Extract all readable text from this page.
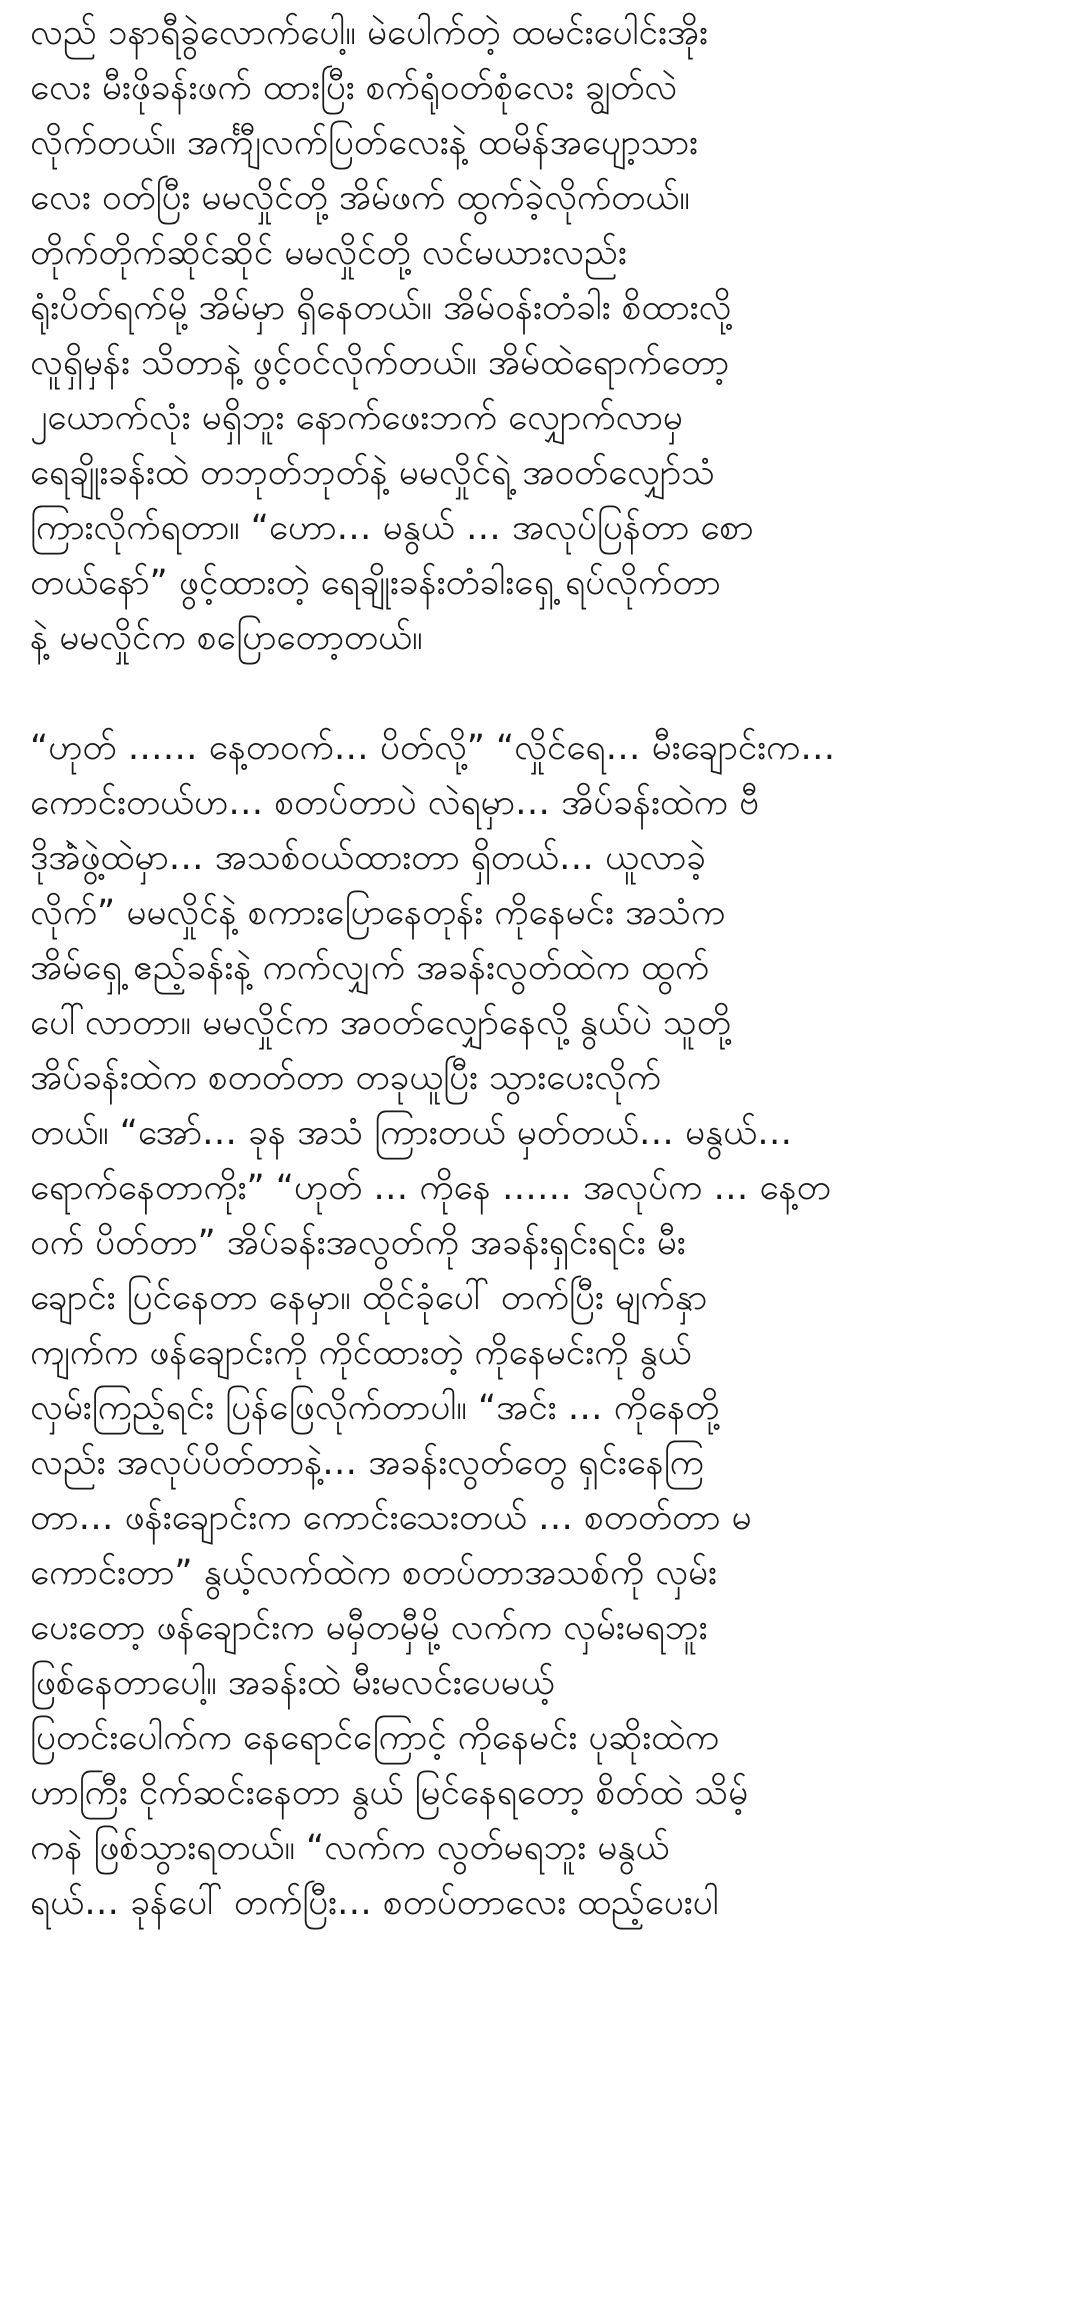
လည် ၁နာရီခွဲလောက်ပေါ့။ မဲပေါက်တဲ့ ထမင်းပေါင်းအိုး
လေး မီးဖိုခန်းဖက် ထားပြီး စက်ရုံဝတ်စုံလေး ချွတ်လဲ
လိုက်တယ်။ အင်္ကျီလက်ပြတ်လေးနဲ့ ထမိန်အပျော့သား
လေး ဝတ်ပြီး မမလှိုင်တို့ အိမ်ဖက် ထွက်ခဲ့လိုက်တယ်။
တိုက်တိုက်ဆိုင်ဆိုင် မမလှိုင်တို့ လင်မယားလည်း
ရုံးပိတ်ရက်မို့ အိမ်မှာ ရှိနေတယ်။ အိမ်ဝန်းတံခါး စိထားလို့
လူရှိမှန်း သိတာနဲ့ ဖွင့်ဝင်လိုက်တယ်။ အိမ်ထဲရောက်တော့
၂ယောက်လုံး မရှိဘူး နောက်ဖေးဘက် လျှောက်လာမှ
ရေချိုးခန်းထဲ တဘုတ်ဘုတ်နဲ့ မမလှိုင်ရဲ့ အဝတ်လျှော်သံ
ကြားလိုက်ရတာ။ “ဟော… မနွယ် … အလုပ်ပြန်တာ စော
တယ်နော်” ဖွင့်ထားတဲ့ ရေချိုးခန်းတံခါးရှေ့ ရပ်လိုက်တာ
နဲ့ မမလှိုင်က စပြောတော့တယ်။

“ဟုတ် …… နေ့တဝက်… ပိတ်လို့” “လှိုင်ရေ… မီးချောင်းက…
ကောင်းတယ်ဟ… စတပ်တာပဲ လဲရမှာ… အိပ်ခန်းထဲက ဗီ
ဒိုအံဲဖွဲ့ထဲမှာ… အသစ်ဝယ်ထားတာ ရှိတယ်… ယူလာခဲ့
လိုက်” မမလှိုင်နဲ့ စကားပြောနေတုန်း ကိုနေမင်း အသံက
အိမ်ရှေ့ ဧည့်ခန်းနဲ့ ကက်လျှက် အခန်းလွတ်ထဲက ထွက်
ပေါ်လာတာ။ မမလှိုင်က အဝတ်လျှော်နေလို့ နွယ်ပဲ သူတို့
အိပ်ခန်းထဲက စတတ်တာ တခုယူပြီး သွားပေးလိုက်
တယ်။ “အော်… ခုန အသံ ကြားတယ် မှတ်တယ်… မနွယ်…
ရောက်နေတာကိုး” “ဟုတ် … ကိုနေ …… အလုပ်က … နေ့တ
ဝက် ပိတ်တာ” အိပ်ခန်းအလွတ်ကို အခန်းရှင်းရင်း မီး
ချောင်း ပြင်နေတာ နေမှာ။ ထိုင်ခုံပေါ် တက်ပြီး မျက်နှာ
ကျက်က ဖန်ချောင်းကို ကိုင်ထားတဲ့ ကိုနေမင်းကို နွယ်
လှမ်းကြည့်ရင်း ပြန်ဖြေလိုက်တာပါ။ “အင်း … ကိုနေတို့
လည်း အလုပ်ပိတ်တာနဲ့… အခန်းလွတ်တွေ ရှင်းနေကြ
တာ… ဖန်းချောင်းက ကောင်းသေးတယ် … စတတ်တာ မ
ကောင်းတာ” နွယ့်လက်ထဲက စတပ်တာအသစ်ကို လှမ်း
ပေးတော့ ဖန်ချောင်းက မမှီတမှီမို့ လက်က လှမ်းမရဘူး
ဖြစ်နေတာပေါ့။ အခန်းထဲ မီးမလင်းပေမယ့်
ပြတင်းပေါက်က နေရောင်ကြောင့် ကိုနေမင်း ပုဆိုးထဲက
ဟာကြီး ငိုက်ဆင်းနေတာ နွယ် မြင်နေရတော့ စိတ်ထဲ သိမ့်
ကနဲ ဖြစ်သွားရတယ်။ “လက်က လွတ်မရဘူး မနွယ်
ရယ်… ခုန်ပေါ် တက်ပြီး… စတပ်တာလေး ထည့်ပေးပါ
